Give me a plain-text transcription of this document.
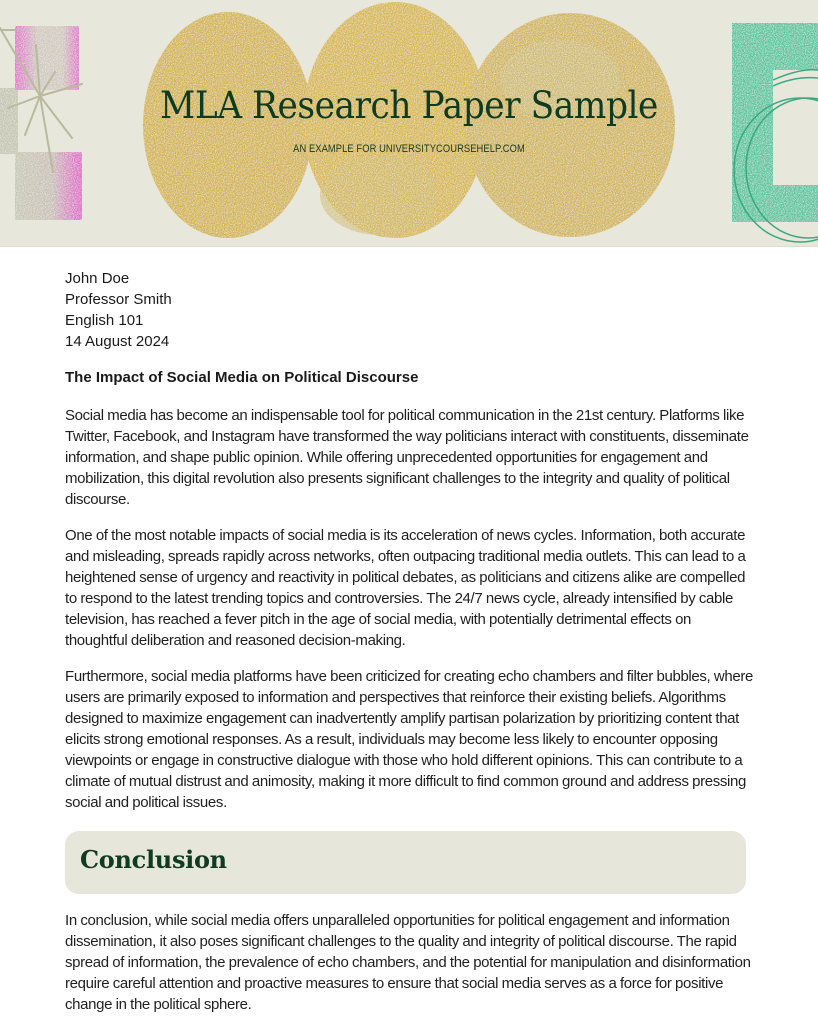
MLA Research Paper Sample
AN EXAMPLE FOR UNIVERSITYCOURSEHELP.COM
John Doe
Professor Smith
English 101
14 August 2024
The Impact of Social Media on Political Discourse

Social media has become an indispensable tool for political communication in the 21st century. Platforms like Twitter, Facebook, and Instagram have transformed the way politicians interact with constituents, disseminate information, and shape public opinion. While offering unprecedented opportunities for engagement and mobilization, this digital revolution also presents significant challenges to the integrity and quality of political discourse.

One of the most notable impacts of social media is its acceleration of news cycles. Information, both accurate and misleading, spreads rapidly across networks, often outpacing traditional media outlets. This can lead to a heightened sense of urgency and reactivity in political debates, as politicians and citizens alike are compelled to respond to the latest trending topics and controversies. The 24/7 news cycle, already intensified by cable television, has reached a fever pitch in the age of social media, with potentially detrimental effects on thoughtful deliberation and reasoned decision-making.

Furthermore, social media platforms have been criticized for creating echo chambers and filter bubbles, where users are primarily exposed to information and perspectives that reinforce their existing beliefs. Algorithms designed to maximize engagement can inadvertently amplify partisan polarization by prioritizing content that elicits strong emotional responses. As a result, individuals may become less likely to encounter opposing viewpoints or engage in constructive dialogue with those who hold different opinions. This can contribute to a climate of mutual distrust and animosity, making it more difficult to find common ground and address pressing social and political issues.

Conclusion

In conclusion, while social media offers unparalleled opportunities for political engagement and information dissemination, it also poses significant challenges to the quality and integrity of political discourse. The rapid spread of information, the prevalence of echo chambers, and the potential for manipulation and disinformation require careful attention and proactive measures to ensure that social media serves as a force for positive change in the political sphere.
